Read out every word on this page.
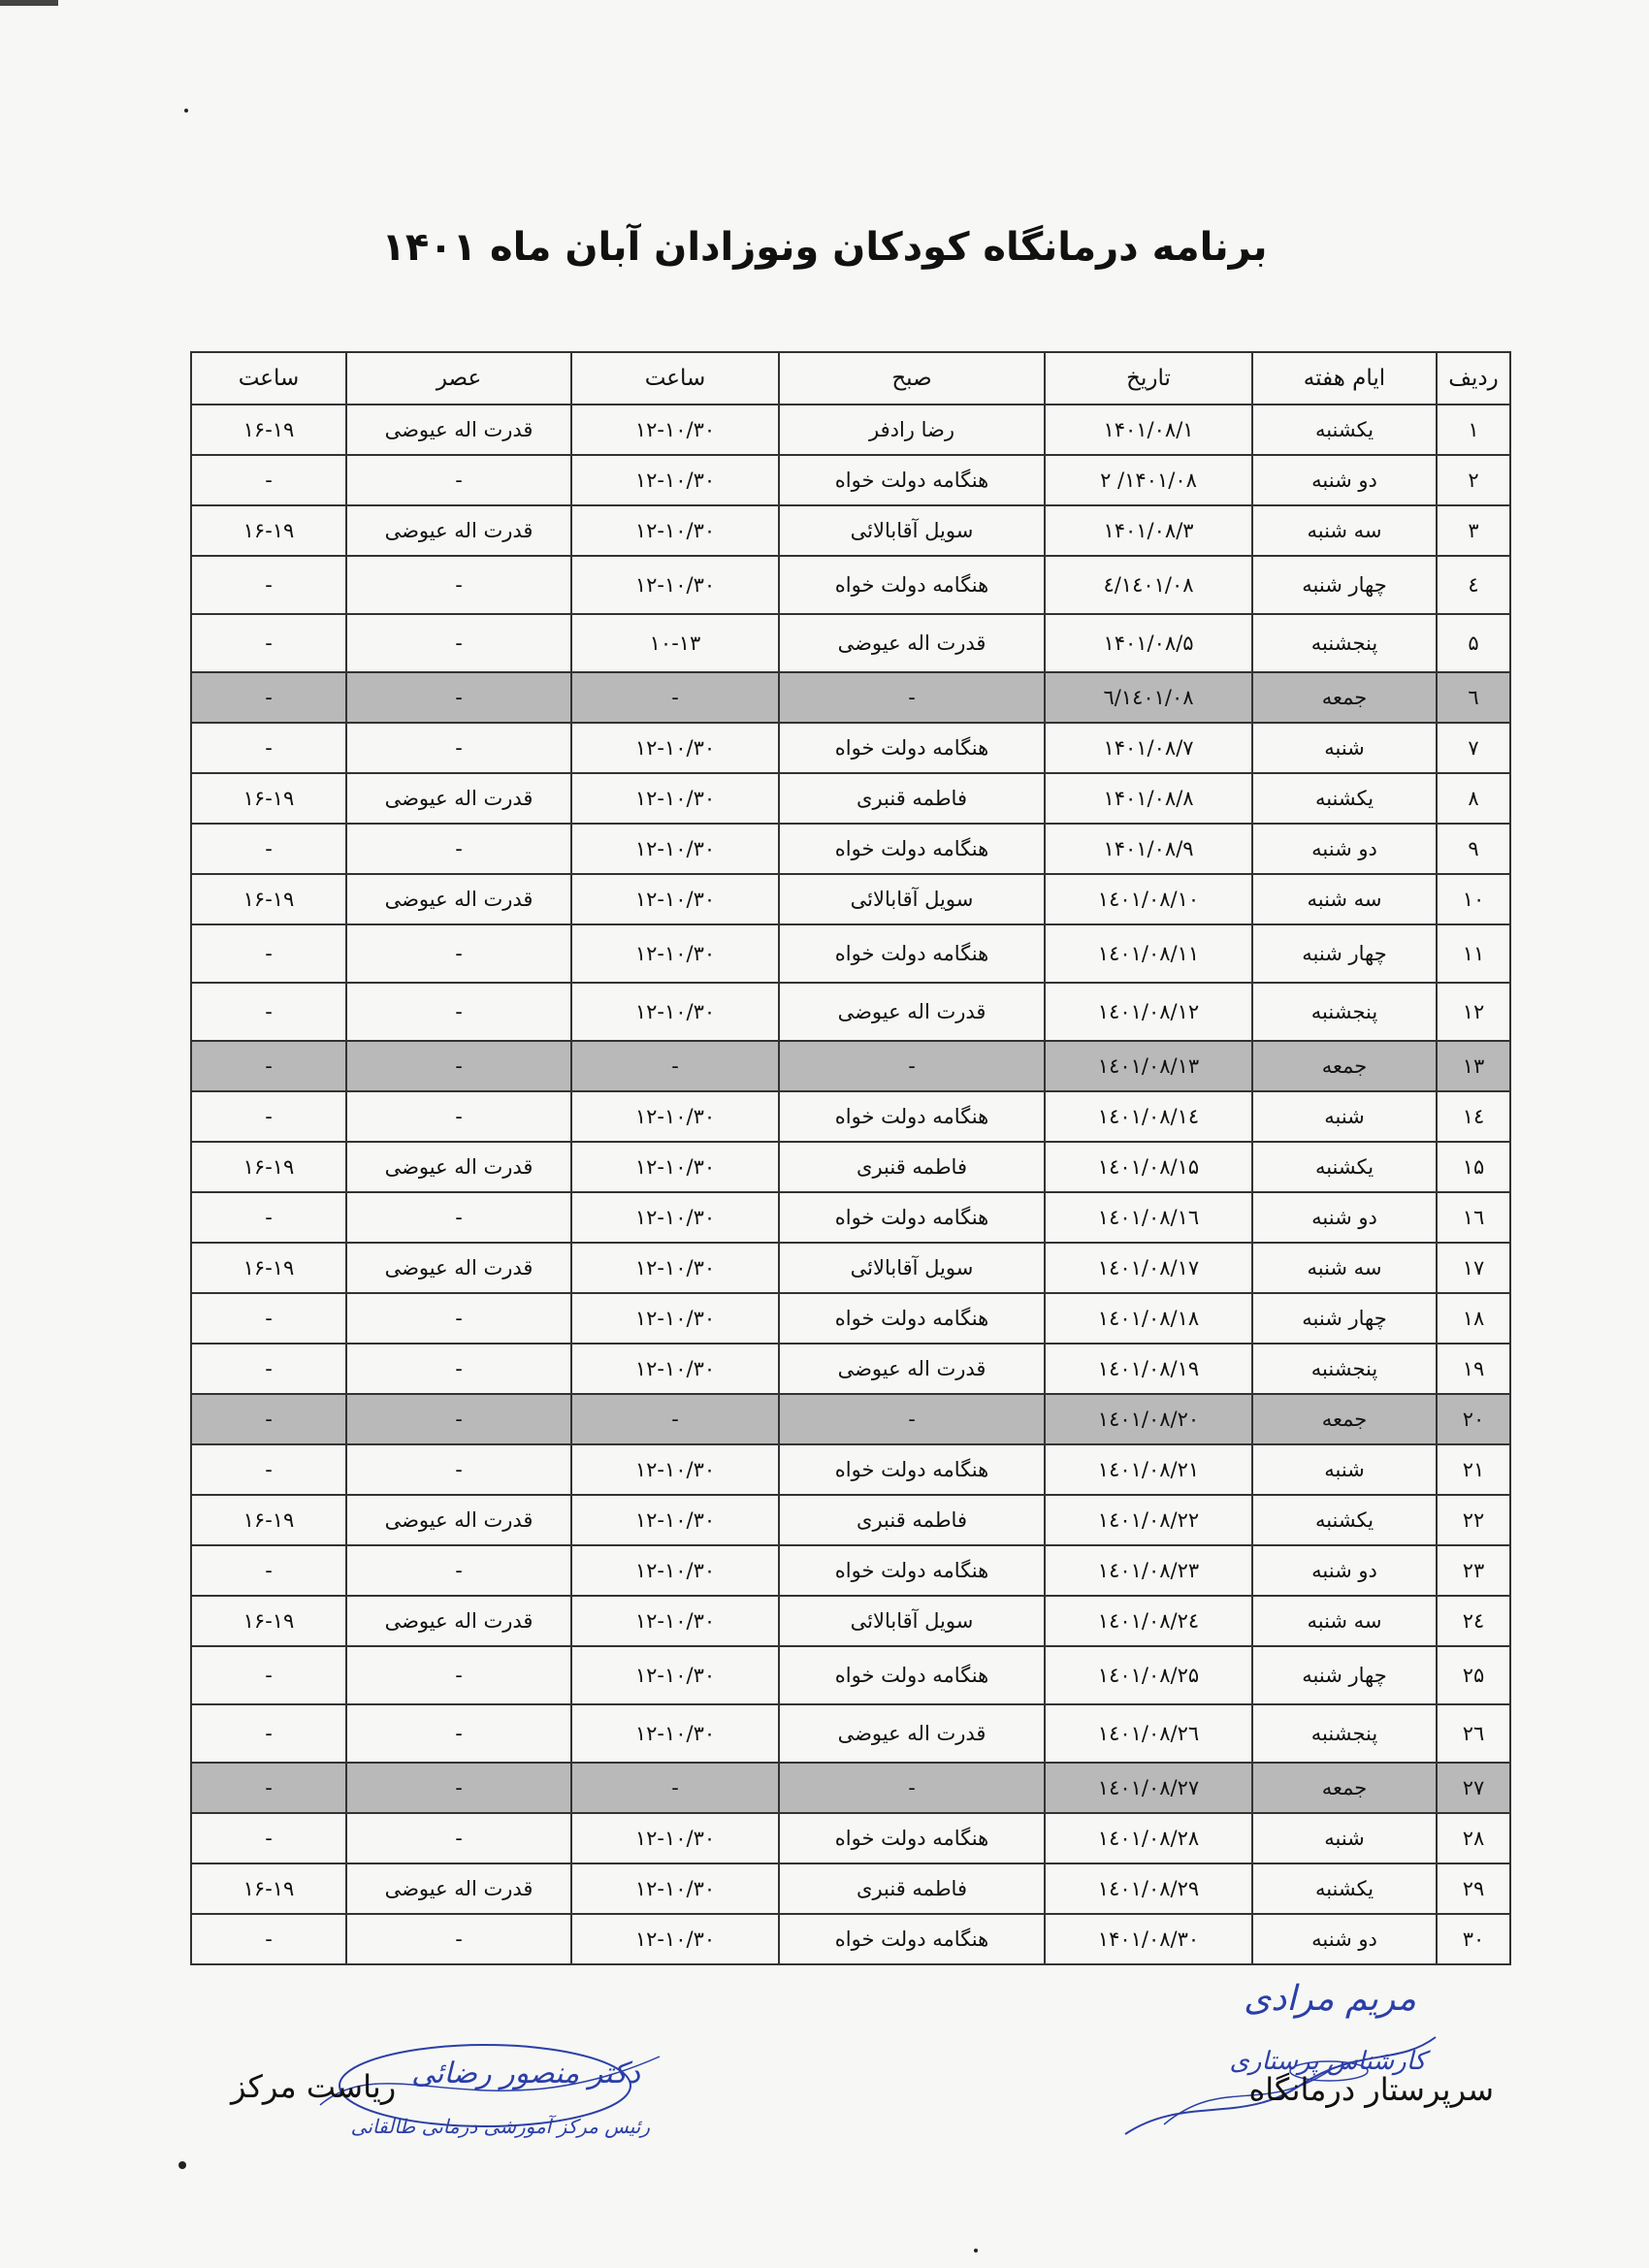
برنامه درمانگاه کودکان ونوزادان آبان ماه ۱۴۰۱
ردیف	ایام هفته	تاریخ	صبح	ساعت	عصر	ساعت
۱	یکشنبه	۱۴۰۱/۰۸/۱	رضا رادفر	۱۲-۱۰/۳۰	قدرت اله عیوضی	۱۶-۱۹
۲	دو شنبه	۱۴۰۱/۰۸/ ۲	هنگامه دولت خواه	۱۲-۱۰/۳۰	-	-
۳	سه شنبه	۱۴۰۱/۰۸/۳	سویل آقابالائی	۱۲-۱۰/۳۰	قدرت اله عیوضی	۱۶-۱۹
٤	چهار شنبه	۱٤۰۱/۰۸/٤	هنگامه دولت خواه	۱۲-۱۰/۳۰	-	-
۵	پنجشنبه	۱۴۰۱/۰۸/۵	قدرت اله عیوضی	۱۰-۱۳	-	-
٦	جمعه	۱٤۰۱/۰۸/٦	-	-	-	-
۷	شنبه	۱۴۰۱/۰۸/۷	هنگامه دولت خواه	۱۲-۱۰/۳۰	-	-
۸	یکشنبه	۱۴۰۱/۰۸/۸	فاطمه قنبری	۱۲-۱۰/۳۰	قدرت اله عیوضی	۱۶-۱۹
۹	دو شنبه	۱۴۰۱/۰۸/۹	هنگامه دولت خواه	۱۲-۱۰/۳۰	-	-
۱۰	سه شنبه	۱٤۰۱/۰۸/۱۰	سویل آقابالائی	۱۲-۱۰/۳۰	قدرت اله عیوضی	۱۶-۱۹
۱۱	چهار شنبه	۱٤۰۱/۰۸/۱۱	هنگامه دولت خواه	۱۲-۱۰/۳۰	-	-
۱۲	پنجشنبه	۱٤۰۱/۰۸/۱۲	قدرت اله عیوضی	۱۲-۱۰/۳۰	-	-
۱۳	جمعه	۱٤۰۱/۰۸/۱۳	-	-	-	-
۱٤	شنبه	۱٤۰۱/۰۸/۱٤	هنگامه دولت خواه	۱۲-۱۰/۳۰	-	-
۱۵	یکشنبه	۱٤۰۱/۰۸/۱۵	فاطمه قنبری	۱۲-۱۰/۳۰	قدرت اله عیوضی	۱۶-۱۹
۱٦	دو شنبه	۱٤۰۱/۰۸/۱٦	هنگامه دولت خواه	۱۲-۱۰/۳۰	-	-
۱۷	سه شنبه	۱٤۰۱/۰۸/۱۷	سویل آقابالائی	۱۲-۱۰/۳۰	قدرت اله عیوضی	۱۶-۱۹
۱۸	چهار شنبه	۱٤۰۱/۰۸/۱۸	هنگامه دولت خواه	۱۲-۱۰/۳۰	-	-
۱۹	پنجشنبه	۱٤۰۱/۰۸/۱۹	قدرت اله عیوضی	۱۲-۱۰/۳۰	-	-
۲۰	جمعه	۱٤۰۱/۰۸/۲۰	-	-	-	-
۲۱	شنبه	۱٤۰۱/۰۸/۲۱	هنگامه دولت خواه	۱۲-۱۰/۳۰	-	-
۲۲	یکشنبه	۱٤۰۱/۰۸/۲۲	فاطمه قنبری	۱۲-۱۰/۳۰	قدرت اله عیوضی	۱۶-۱۹
۲۳	دو شنبه	۱٤۰۱/۰۸/۲۳	هنگامه دولت خواه	۱۲-۱۰/۳۰	-	-
۲٤	سه شنبه	۱٤۰۱/۰۸/۲٤	سویل آقابالائی	۱۲-۱۰/۳۰	قدرت اله عیوضی	۱۶-۱۹
۲۵	چهار شنبه	۱٤۰۱/۰۸/۲۵	هنگامه دولت خواه	۱۲-۱۰/۳۰	-	-
۲٦	پنجشنبه	۱٤۰۱/۰۸/۲٦	قدرت اله عیوضی	۱۲-۱۰/۳۰	-	-
۲۷	جمعه	۱٤۰۱/۰۸/۲۷	-	-	-	-
۲۸	شنبه	۱٤۰۱/۰۸/۲۸	هنگامه دولت خواه	۱۲-۱۰/۳۰	-	-
۲۹	یکشنبه	۱٤۰۱/۰۸/۲۹	فاطمه قنبری	۱۲-۱۰/۳۰	قدرت اله عیوضی	۱۶-۱۹
۳۰	دو شنبه	۱۴۰۱/۰۸/۳۰	هنگامه دولت خواه	۱۲-۱۰/۳۰	-	-
مریم مرادی
کارشناس پرستاری
سرپرستار درمانگاه
دکتر منصور رضائی
رئیس مرکز آموزشی درمانی طالقانی
ریاست مرکز
